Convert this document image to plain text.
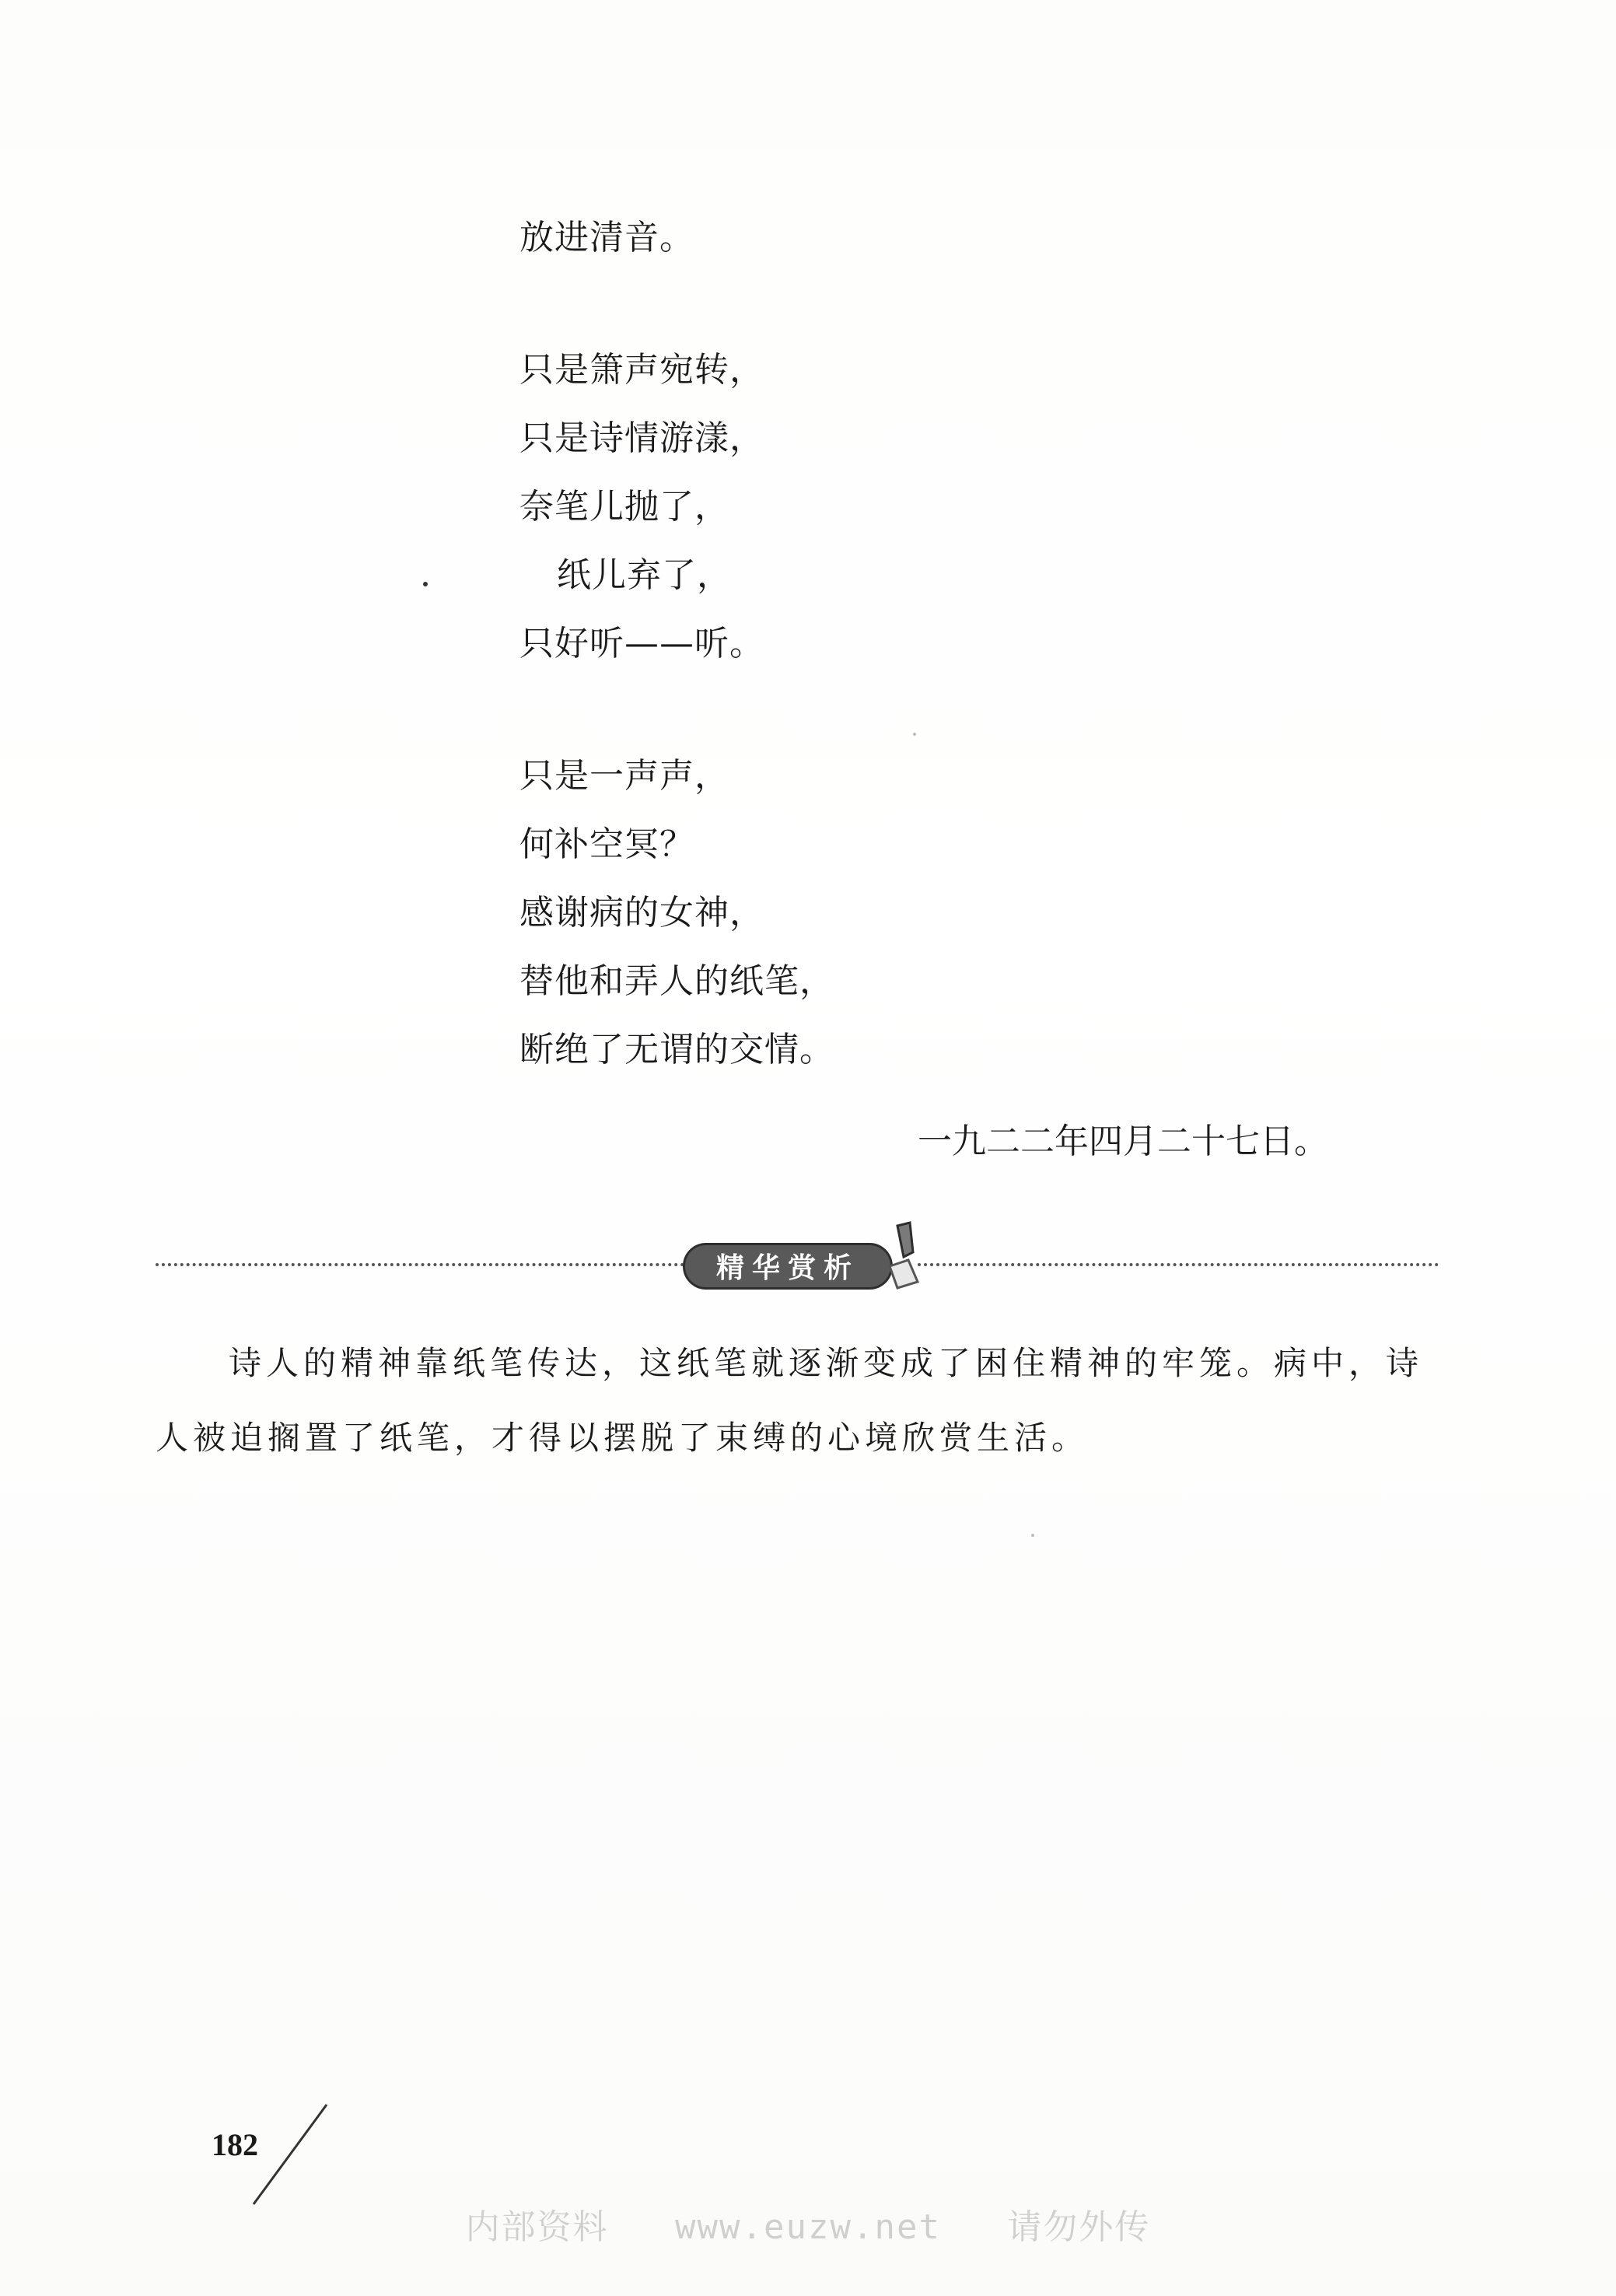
放进清音。
只是箫声宛转，
只是诗情游漾，
奈笔儿抛了，
纸儿弃了，
只好听——听。
只是一声声，
何补空冥？
感谢病的女神，
替他和弄人的纸笔，
断绝了无谓的交情。
一九二二年四月二十七日。
精华赏析

诗人的精神靠纸笔传达，这纸笔就逐渐变成了困住精神的牢笼。病中，诗人被迫搁置了纸笔，才得以摆脱了束缚的心境欣赏生活。

182
内部资料   www.euzw.net   请勿外传
